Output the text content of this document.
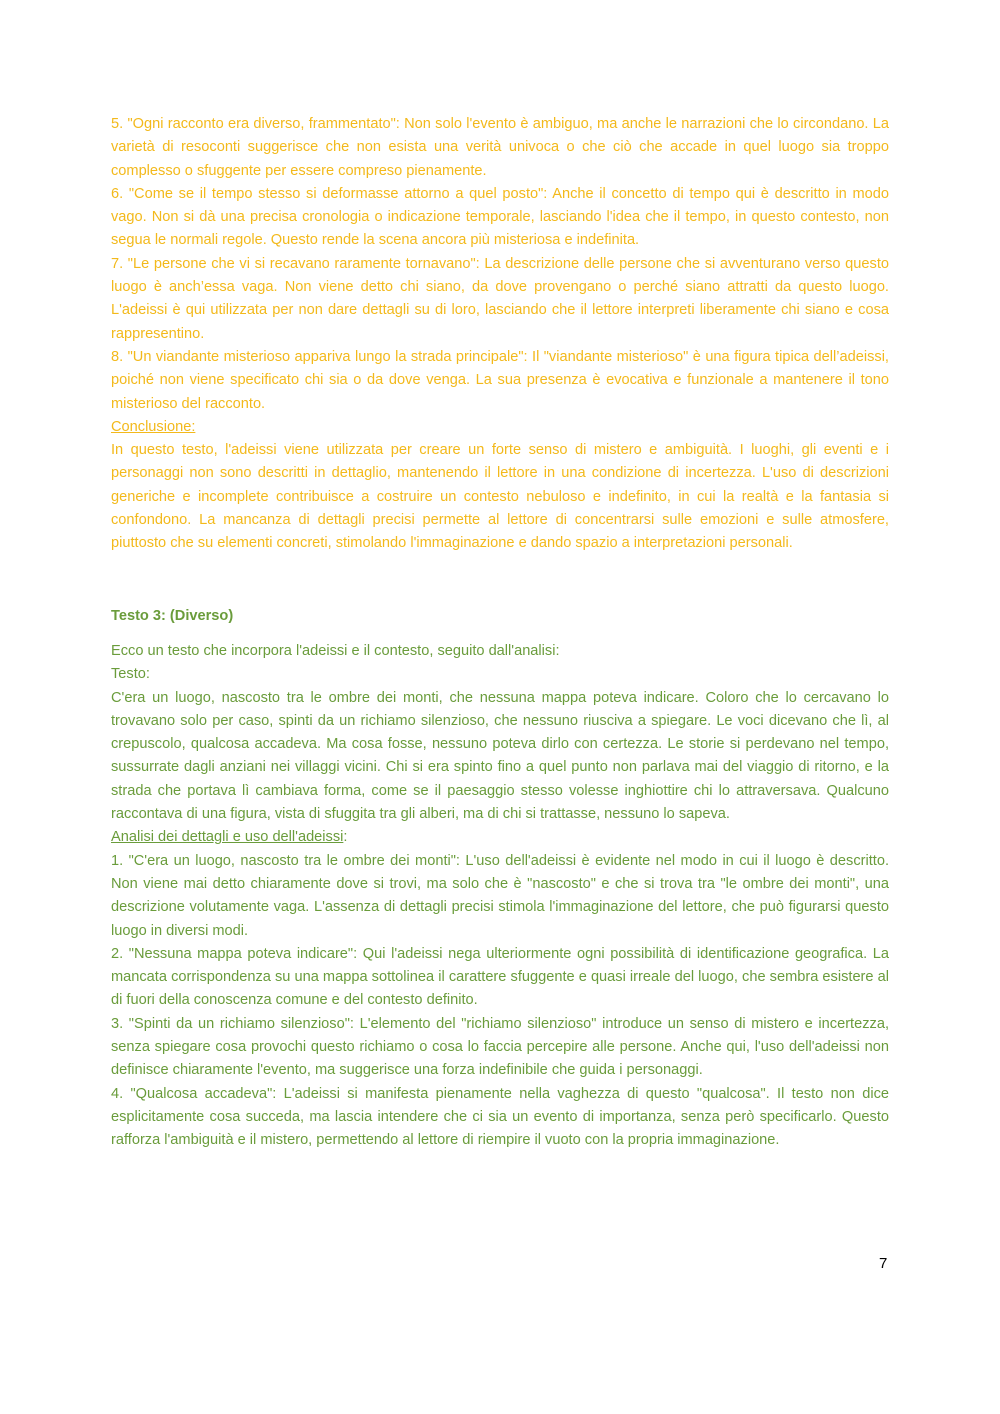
5. "Ogni racconto era diverso, frammentato": Non solo l'evento è ambiguo, ma anche le narrazioni che lo circondano. La varietà di resoconti suggerisce che non esista una verità univoca o che ciò che accade in quel luogo sia troppo complesso o sfuggente per essere compreso pienamente.

6. "Come se il tempo stesso si deformasse attorno a quel posto": Anche il concetto di tempo qui è descritto in modo vago. Non si dà una precisa cronologia o indicazione temporale, lasciando l'idea che il tempo, in questo contesto, non segua le normali regole. Questo rende la scena ancora più misteriosa e indefinita.

7. "Le persone che vi si recavano raramente tornavano": La descrizione delle persone che si avventurano verso questo luogo è anch’essa vaga. Non viene detto chi siano, da dove provengano o perché siano attratti da questo luogo. L'adeissi è qui utilizzata per non dare dettagli su di loro, lasciando che il lettore interpreti liberamente chi siano e cosa rappresentino.

8. "Un viandante misterioso appariva lungo la strada principale": Il "viandante misterioso" è una figura tipica dell’adeissi, poiché non viene specificato chi sia o da dove venga. La sua presenza è evocativa e funzionale a mantenere il tono misterioso del racconto.

Conclusione:

In questo testo, l'adeissi viene utilizzata per creare un forte senso di mistero e ambiguità. I luoghi, gli eventi e i personaggi non sono descritti in dettaglio, mantenendo il lettore in una condizione di incertezza. L'uso di descrizioni generiche e incomplete contribuisce a costruire un contesto nebuloso e indefinito, in cui la realtà e la fantasia si confondono. La mancanza di dettagli precisi permette al lettore di concentrarsi sulle emozioni e sulle atmosfere, piuttosto che su elementi concreti, stimolando l'immaginazione e dando spazio a interpretazioni personali.

Testo 3: (Diverso)

Ecco un testo che incorpora l'adeissi e il contesto, seguito dall'analisi:

Testo:

C'era un luogo, nascosto tra le ombre dei monti, che nessuna mappa poteva indicare. Coloro che lo cercavano lo trovavano solo per caso, spinti da un richiamo silenzioso, che nessuno riusciva a spiegare. Le voci dicevano che lì, al crepuscolo, qualcosa accadeva. Ma cosa fosse, nessuno poteva dirlo con certezza. Le storie si perdevano nel tempo, sussurrate dagli anziani nei villaggi vicini. Chi si era spinto fino a quel punto non parlava mai del viaggio di ritorno, e la strada che portava lì cambiava forma, come se il paesaggio stesso volesse inghiottire chi lo attraversava. Qualcuno raccontava di una figura, vista di sfuggita tra gli alberi, ma di chi si trattasse, nessuno lo sapeva.

Analisi dei dettagli e uso dell'adeissi:

1. "C'era un luogo, nascosto tra le ombre dei monti": L'uso dell'adeissi è evidente nel modo in cui il luogo è descritto. Non viene mai detto chiaramente dove si trovi, ma solo che è "nascosto" e che si trova tra "le ombre dei monti", una descrizione volutamente vaga. L'assenza di dettagli precisi stimola l'immaginazione del lettore, che può figurarsi questo luogo in diversi modi.

2. "Nessuna mappa poteva indicare": Qui l'adeissi nega ulteriormente ogni possibilità di identificazione geografica. La mancata corrispondenza su una mappa sottolinea il carattere sfuggente e quasi irreale del luogo, che sembra esistere al di fuori della conoscenza comune e del contesto definito.

3. "Spinti da un richiamo silenzioso": L'elemento del "richiamo silenzioso" introduce un senso di mistero e incertezza, senza spiegare cosa provochi questo richiamo o cosa lo faccia percepire alle persone. Anche qui, l'uso dell'adeissi non definisce chiaramente l'evento, ma suggerisce una forza indefinibile che guida i personaggi.

4. "Qualcosa accadeva": L'adeissi si manifesta pienamente nella vaghezza di questo "qualcosa". Il testo non dice esplicitamente cosa succeda, ma lascia intendere che ci sia un evento di importanza, senza però specificarlo. Questo rafforza l'ambiguità e il mistero, permettendo al lettore di riempire il vuoto con la propria immaginazione.

7
